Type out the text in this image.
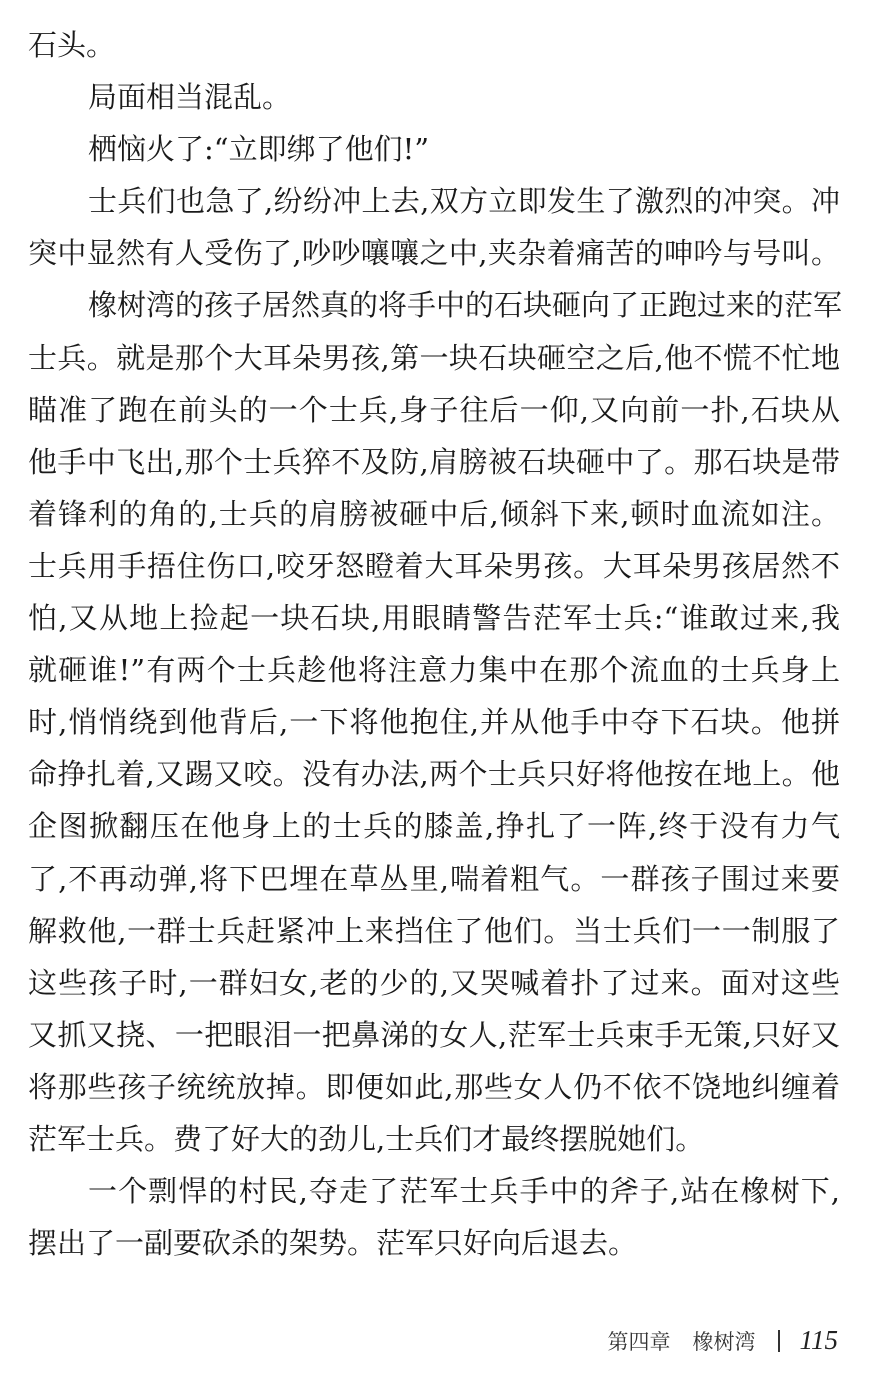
石头。
局面相当混乱。
栖恼火了:“立即绑了他们!”
士兵们也急了,纷纷冲上去,双方立即发生了激烈的冲突。冲
突中显然有人受伤了,吵吵嚷嚷之中,夹杂着痛苦的呻吟与号叫。
橡树湾的孩子居然真的将手中的石块砸向了正跑过来的茫军
士兵。就是那个大耳朵男孩,第一块石块砸空之后,他不慌不忙地
瞄准了跑在前头的一个士兵,身子往后一仰,又向前一扑,石块从
他手中飞出,那个士兵猝不及防,肩膀被石块砸中了。那石块是带
着锋利的角的,士兵的肩膀被砸中后,倾斜下来,顿时血流如注。
士兵用手捂住伤口,咬牙怒瞪着大耳朵男孩。大耳朵男孩居然不
怕,又从地上捡起一块石块,用眼睛警告茫军士兵:“谁敢过来,我
就砸谁!”有两个士兵趁他将注意力集中在那个流血的士兵身上
时,悄悄绕到他背后,一下将他抱住,并从他手中夺下石块。他拼
命挣扎着,又踢又咬。没有办法,两个士兵只好将他按在地上。他
企图掀翻压在他身上的士兵的膝盖,挣扎了一阵,终于没有力气
了,不再动弹,将下巴埋在草丛里,喘着粗气。一群孩子围过来要
解救他,一群士兵赶紧冲上来挡住了他们。当士兵们一一制服了
这些孩子时,一群妇女,老的少的,又哭喊着扑了过来。面对这些
又抓又挠、一把眼泪一把鼻涕的女人,茫军士兵束手无策,只好又
将那些孩子统统放掉。即便如此,那些女人仍不依不饶地纠缠着
茫军士兵。费了好大的劲儿,士兵们才最终摆脱她们。
一个剽悍的村民,夺走了茫军士兵手中的斧子,站在橡树下,
摆出了一副要砍杀的架势。茫军只好向后退去。
第四章 橡树湾 115
